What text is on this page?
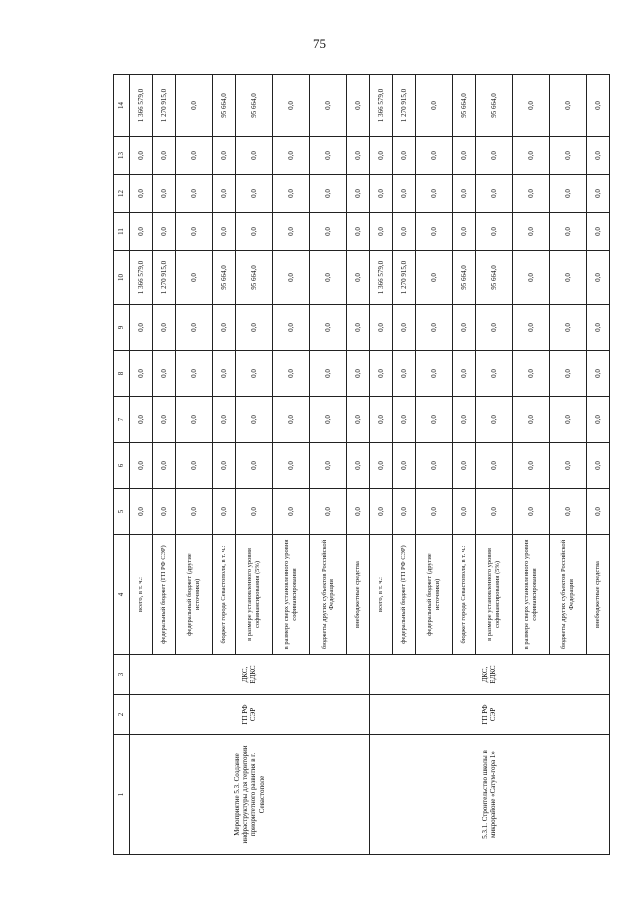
75
1	2	3	4	5	6	7	8	9	10	11	12	13	14
Мероприятие 5.3. Создание инфраструктуры для территории приоритетного развития в г. Севастополе	ГП РФ СЭР	ДКС, ЕДКС	всего, в т. ч.:	0,0	0,0	0,0	0,0	0,0	1 366 579,0	0,0	0,0	0,0	1 366 579,0
			федеральный бюджет (ГП РФ СЭР)	0,0	0,0	0,0	0,0	0,0	1 270 915,0	0,0	0,0	0,0	1 270 915,0
			федеральный бюджет (другие источники)	0,0	0,0	0,0	0,0	0,0	0,0	0,0	0,0	0,0	0,0
			бюджет города Севастополя, в т. ч.:	0,0	0,0	0,0	0,0	0,0	95 664,0	0,0	0,0	0,0	95 664,0
			в размере установленного уровня софинансирования (5%)	0,0	0,0	0,0	0,0	0,0	95 664,0	0,0	0,0	0,0	95 664,0
			в размере сверх установленного уровня софинансирования	0,0	0,0	0,0	0,0	0,0	0,0	0,0	0,0	0,0	0,0
			бюджеты других субъектов Российской Федерации	0,0	0,0	0,0	0,0	0,0	0,0	0,0	0,0	0,0	0,0
			внебюджетные средства	0,0	0,0	0,0	0,0	0,0	0,0	0,0	0,0	0,0	0,0
5.3.1. Строительство школы в микрорайоне «Сатум-гора 1»	ГП РФ СЭР	ДКС, ЕДКС	всего, в т. ч.:	0,0	0,0	0,0	0,0	0,0	1 366 579,0	0,0	0,0	0,0	1 366 579,0
			федеральный бюджет (ГП РФ СЭР)	0,0	0,0	0,0	0,0	0,0	1 270 915,0	0,0	0,0	0,0	1 270 915,0
			федеральный бюджет (другие источники)	0,0	0,0	0,0	0,0	0,0	0,0	0,0	0,0	0,0	0,0
			бюджет города Севастополя, в т. ч.:	0,0	0,0	0,0	0,0	0,0	95 664,0	0,0	0,0	0,0	95 664,0
			в размере установленного уровня софинансирования (5%)	0,0	0,0	0,0	0,0	0,0	95 664,0	0,0	0,0	0,0	95 664,0
			в размере сверх установленного уровня софинансирования	0,0	0,0	0,0	0,0	0,0	0,0	0,0	0,0	0,0	0,0
			бюджеты других субъектов Российской Федерации	0,0	0,0	0,0	0,0	0,0	0,0	0,0	0,0	0,0	0,0
			внебюджетные средства	0,0	0,0	0,0	0,0	0,0	0,0	0,0	0,0	0,0	0,0
